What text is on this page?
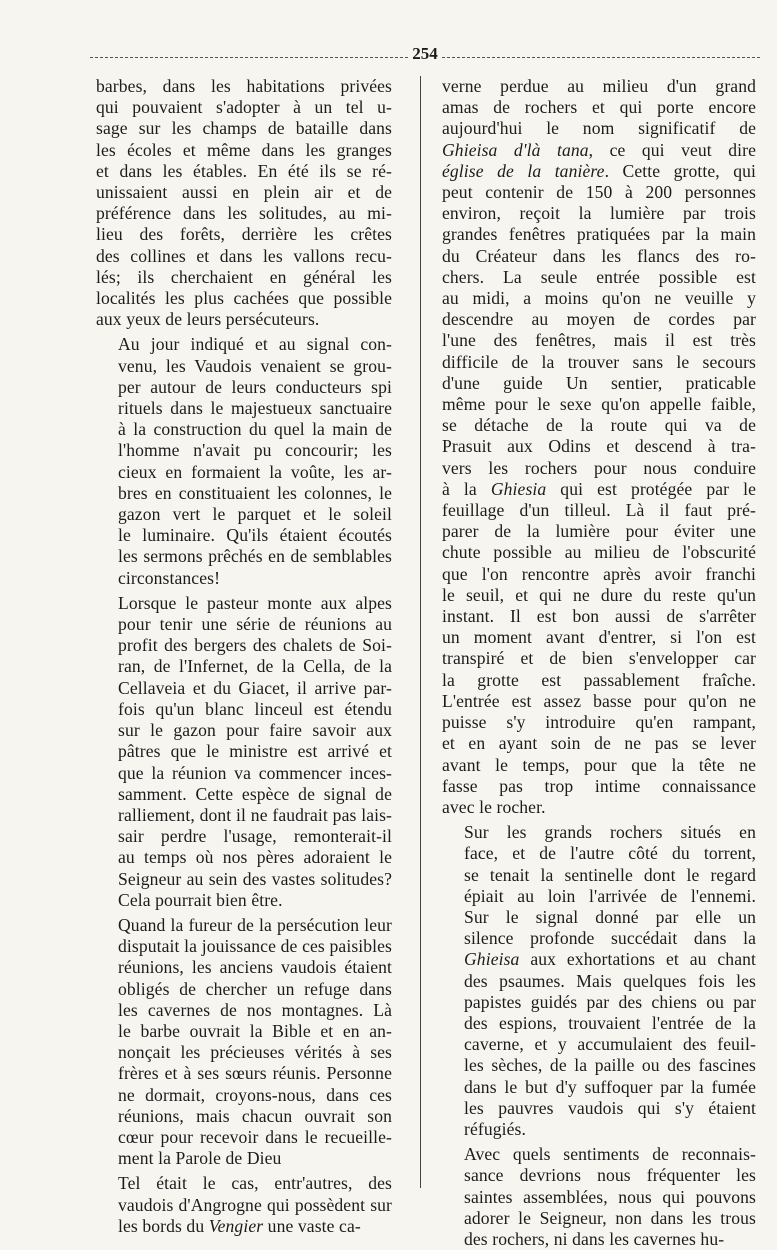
254

barbes, dans les habitations privées
qui pouvaient s'adopter à un tel u-
sage sur les champs de bataille dans
les écoles et même dans les granges
et dans les étables. En été ils se ré-
unissaient aussi en plein air et de
préférence dans les solitudes, au mi-
lieu des forêts, derrière les crêtes
des collines et dans les vallons recu-
lés; ils cherchaient en général les
localités les plus cachées que possible
aux yeux de leurs persécuteurs.

Au jour indiqué et au signal con-
venu, les Vaudois venaient se grou-
per autour de leurs conducteurs spi
rituels dans le majestueux sanctuaire
à la construction du quel la main de
l'homme n'avait pu concourir; les
cieux en formaient la voûte, les ar-
bres en constituaient les colonnes, le
gazon vert le parquet et le soleil
le luminaire. Qu'ils étaient écoutés
les sermons prêchés en de semblables
circonstances!

Lorsque le pasteur monte aux alpes
pour tenir une série de réunions au
profit des bergers des chalets de Soi-
ran, de l'Infernet, de la Cella, de la
Cellaveia et du Giacet, il arrive par-
fois qu'un blanc linceul est étendu
sur le gazon pour faire savoir aux
pâtres que le ministre est arrivé et
que la réunion va commencer inces-
samment. Cette espèce de signal de
ralliement, dont il ne faudrait pas lais-
sair perdre l'usage, remonterait-il
au temps où nos pères adoraient le
Seigneur au sein des vastes solitudes?
Cela pourrait bien être.

Quand la fureur de la persécution leur
disputait la jouissance de ces paisibles
réunions, les anciens vaudois étaient
obligés de chercher un refuge dans
les cavernes de nos montagnes. Là
le barbe ouvrait la Bible et en an-
nonçait les précieuses vérités à ses
frères et à ses sœurs réunis. Personne
ne dormait, croyons-nous, dans ces
réunions, mais chacun ouvrait son
cœur pour recevoir dans le recueille-
ment la Parole de Dieu

Tel était le cas, entr'autres, des
vaudois d'Angrogne qui possèdent sur
les bords du Vengier une vaste ca-

verne perdue au milieu d'un grand
amas de rochers et qui porte encore
aujourd'hui le nom significatif de
Ghieisa d'là tana, ce qui veut dire
église de la tanière. Cette grotte, qui
peut contenir de 150 à 200 personnes
environ, reçoit la lumière par trois
grandes fenêtres pratiquées par la main
du Créateur dans les flancs des ro-
chers. La seule entrée possible est
au midi, a moins qu'on ne veuille y
descendre au moyen de cordes par
l'une des fenêtres, mais il est très
difficile de la trouver sans le secours
d'une guide Un sentier, praticable
même pour le sexe qu'on appelle faible,
se détache de la route qui va de
Prasuit aux Odins et descend à tra-
vers les rochers pour nous conduire
à la Ghiesia qui est protégée par le
feuillage d'un tilleul. Là il faut pré-
parer de la lumière pour éviter une
chute possible au milieu de l'obscurité
que l'on rencontre après avoir franchi
le seuil, et qui ne dure du reste qu'un
instant. Il est bon aussi de s'arrêter
un moment avant d'entrer, si l'on est
transpiré et de bien s'envelopper car
la grotte est passablement fraîche.
L'entrée est assez basse pour qu'on ne
puisse s'y introduire qu'en rampant,
et en ayant soin de ne pas se lever
avant le temps, pour que la tête ne
fasse pas trop intime connaissance
avec le rocher.

Sur les grands rochers situés en
face, et de l'autre côté du torrent,
se tenait la sentinelle dont le regard
épiait au loin l'arrivée de l'ennemi.
Sur le signal donné par elle un
silence profonde succédait dans la
Ghieisa aux exhortations et au chant
des psaumes. Mais quelques fois les
papistes guidés par des chiens ou par
des espions, trouvaient l'entrée de la
caverne, et y accumulaient des feuil-
les sèches, de la paille ou des fascines
dans le but d'y suffoquer par la fumée
les pauvres vaudois qui s'y étaient
réfugiés.

Avec quels sentiments de reconnais-
sance devrions nous fréquenter les
saintes assemblées, nous qui pouvons
adorer le Seigneur, non dans les trous
des rochers, ni dans les cavernes hu-
